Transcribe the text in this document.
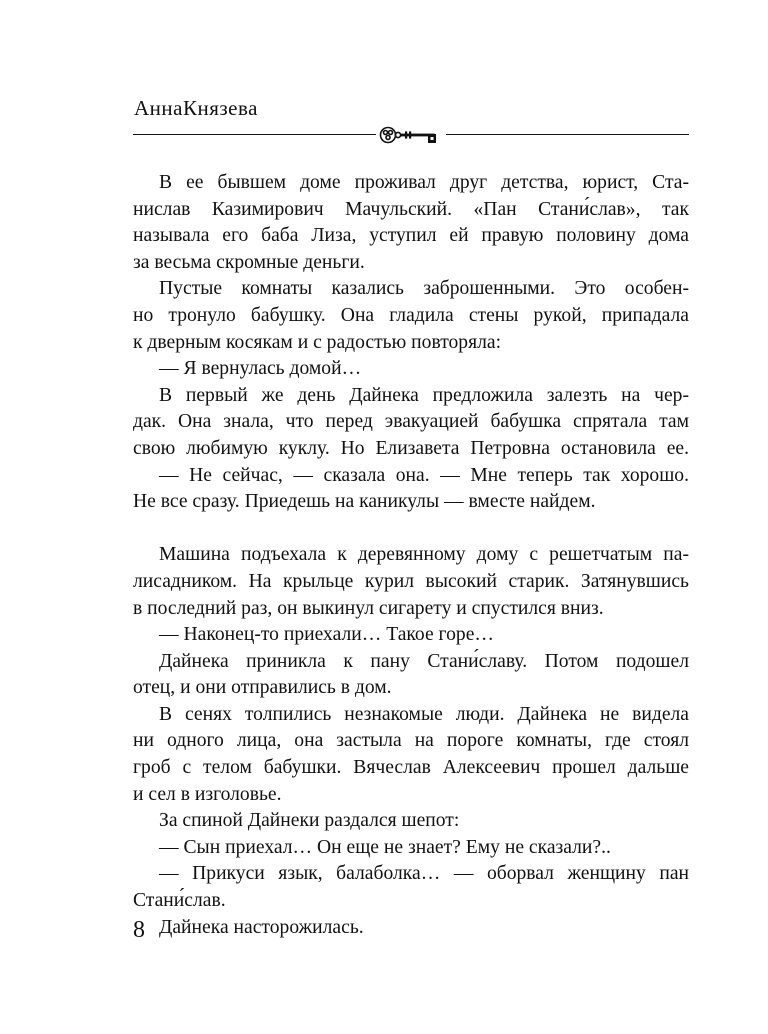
АннаКнязева
В ее бывшем доме проживал друг детства, юрист, Ста-
нислав Казимирович Мачульский. «Пан Стани́слав», так
называла его баба Лиза, уступил ей правую половину дома
за весьма скромные деньги.
Пустые комнаты казались заброшенными. Это особен-
но тронуло бабушку. Она гладила стены рукой, припадала
к дверным косякам и с радостью повторяла:
— Я вернулась домой…
В первый же день Дайнека предложила залезть на чер-
дак. Она знала, что перед эвакуацией бабушка спрятала там
свою любимую куклу. Но Елизавета Петровна остановила ее.
— Не сейчас, — сказала она. — Мне теперь так хорошо.
Не все сразу. Приедешь на каникулы — вместе найдем.
Машина подъехала к деревянному дому с решетчатым па-
лисадником. На крыльце курил высокий старик. Затянувшись
в последний раз, он выкинул сигарету и спустился вниз.
— Наконец-то приехали… Такое горе…
Дайнека приникла к пану Стани́славу. Потом подошел
отец, и они отправились в дом.
В сенях толпились незнакомые люди. Дайнека не видела
ни одного лица, она застыла на пороге комнаты, где стоял
гроб с телом бабушки. Вячеслав Алексеевич прошел дальше
и сел в изголовье.
За спиной Дайнеки раздался шепот:
— Сын приехал… Он еще не знает? Ему не сказали?..
— Прикуси язык, балаболка… — оборвал женщину пан
Стани́слав.
Дайнека насторожилась.
8
